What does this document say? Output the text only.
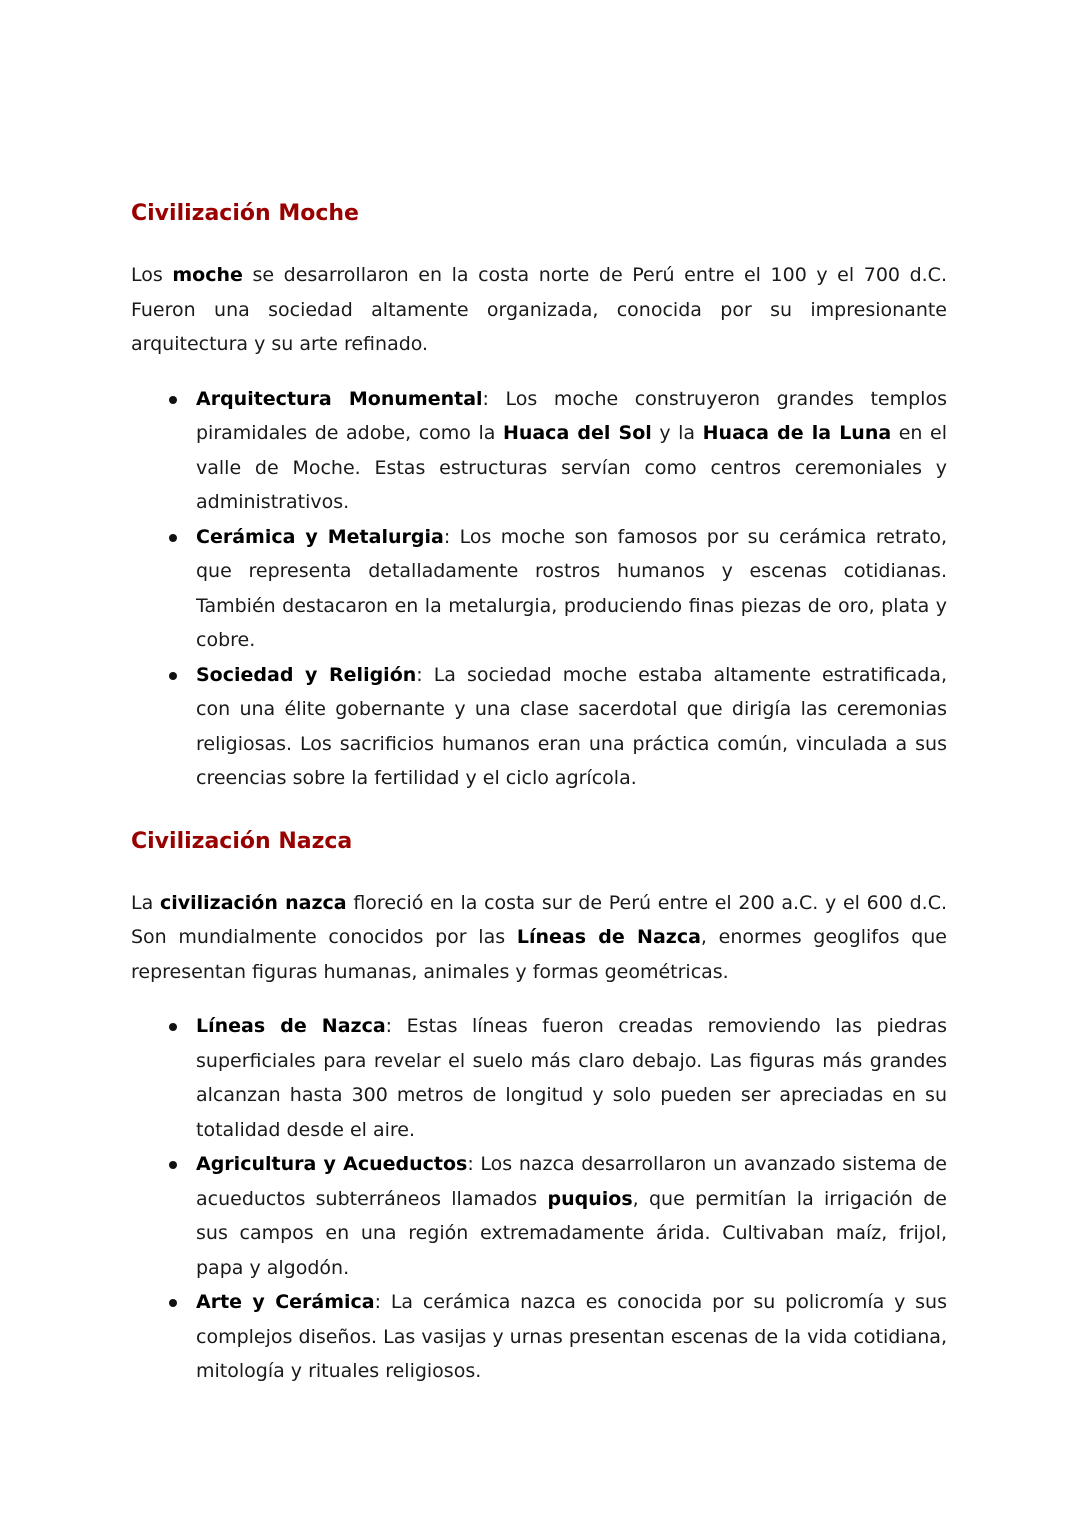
Civilización Moche

Los moche se desarrollaron en la costa norte de Perú entre el 100 y el 700 d.C. Fueron una sociedad altamente organizada, conocida por su impresionante arquitectura y su arte refinado.

Arquitectura Monumental: Los moche construyeron grandes templos piramidales de adobe, como la Huaca del Sol y la Huaca de la Luna en el valle de Moche. Estas estructuras servían como centros ceremoniales y administrativos.
Cerámica y Metalurgia: Los moche son famosos por su cerámica retrato, que representa detalladamente rostros humanos y escenas cotidianas. También destacaron en la metalurgia, produciendo finas piezas de oro, plata y cobre.
Sociedad y Religión: La sociedad moche estaba altamente estratificada, con una élite gobernante y una clase sacerdotal que dirigía las ceremonias religiosas. Los sacrificios humanos eran una práctica común, vinculada a sus creencias sobre la fertilidad y el ciclo agrícola.
Civilización Nazca

La civilización nazca floreció en la costa sur de Perú entre el 200 a.C. y el 600 d.C. Son mundialmente conocidos por las Líneas de Nazca, enormes geoglifos que representan figuras humanas, animales y formas geométricas.

Líneas de Nazca: Estas líneas fueron creadas removiendo las piedras superficiales para revelar el suelo más claro debajo. Las figuras más grandes alcanzan hasta 300 metros de longitud y solo pueden ser apreciadas en su totalidad desde el aire.
Agricultura y Acueductos: Los nazca desarrollaron un avanzado sistema de acueductos subterráneos llamados puquios, que permitían la irrigación de sus campos en una región extremadamente árida. Cultivaban maíz, frijol, papa y algodón.
Arte y Cerámica: La cerámica nazca es conocida por su policromía y sus complejos diseños. Las vasijas y urnas presentan escenas de la vida cotidiana, mitología y rituales religiosos.
